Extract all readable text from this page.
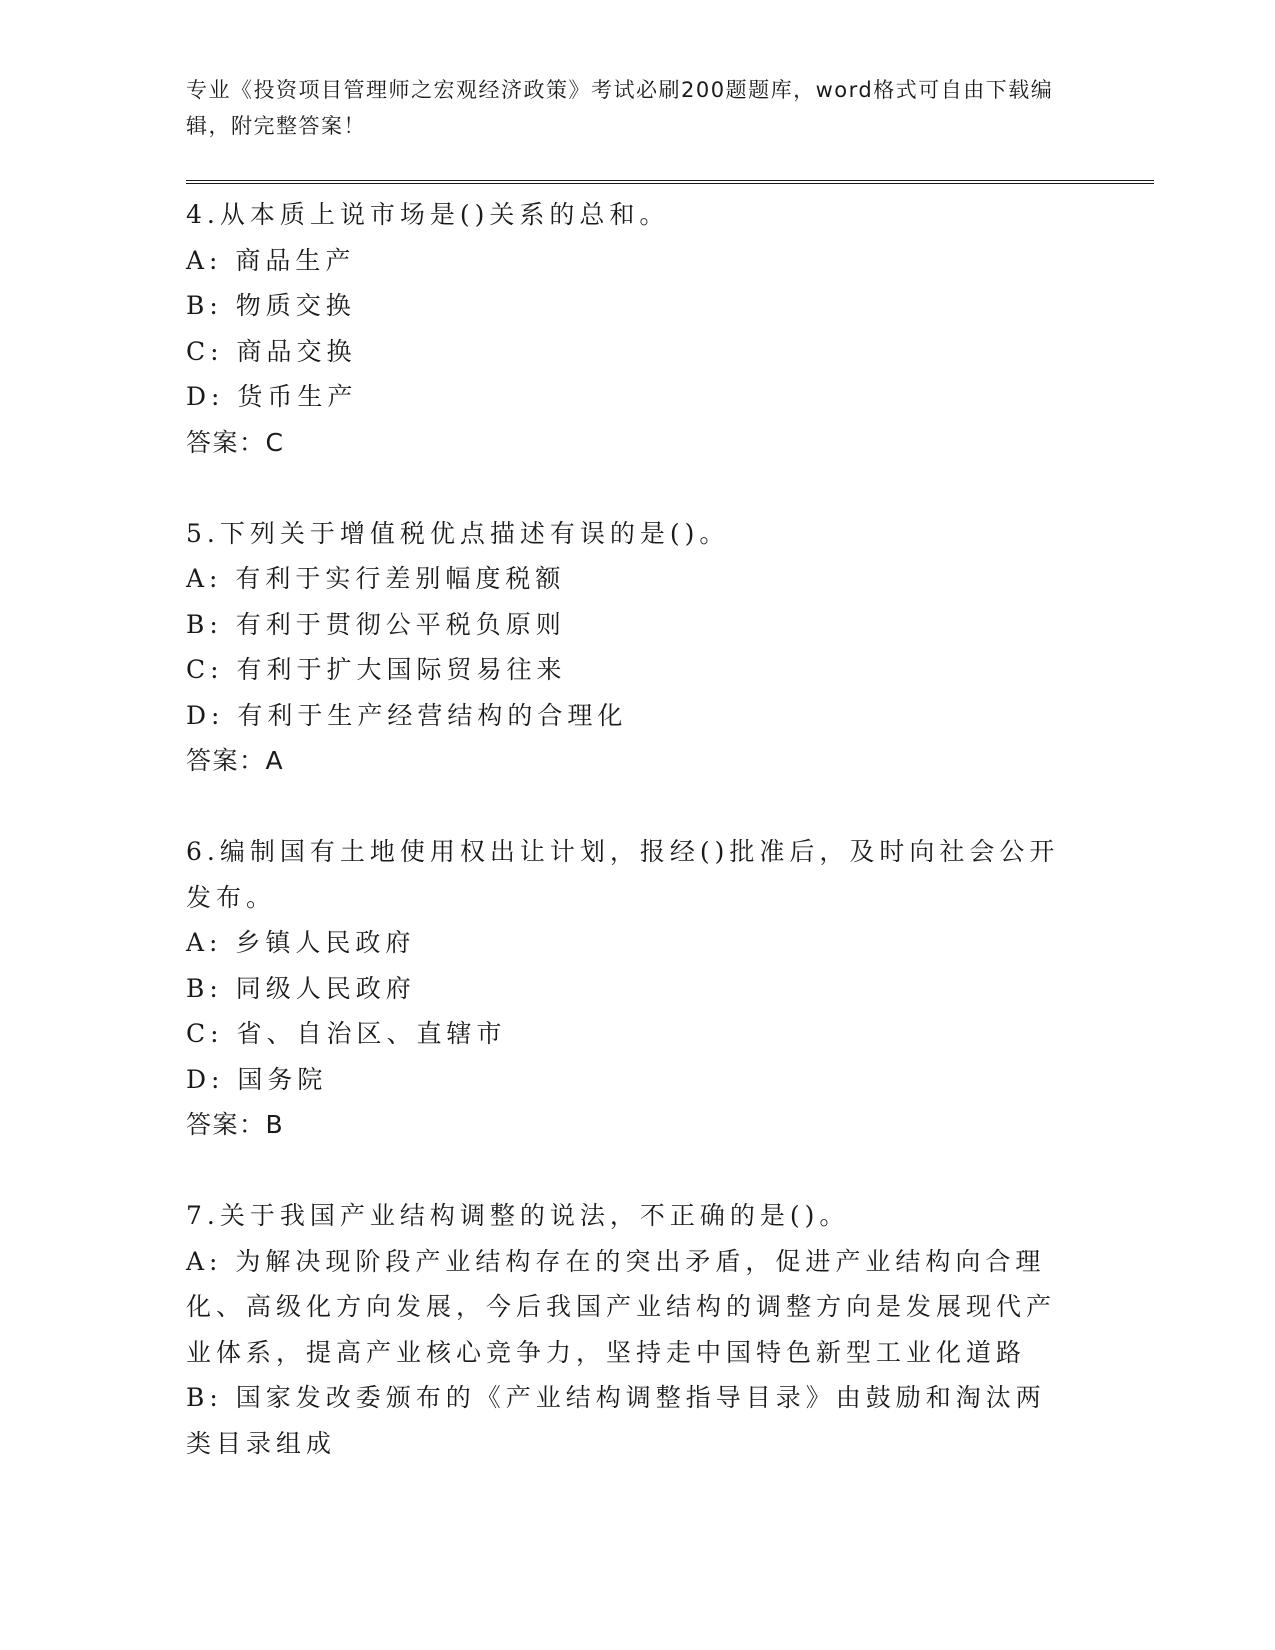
专业《投资项目管理师之宏观经济政策》考试必刷200题题库，word格式可自由下载编辑，附完整答案！
4.从本质上说市场是()关系的总和。
A: 商品生产
B: 物质交换
C: 商品交换
D: 货币生产
答案：C
5.下列关于增值税优点描述有误的是()。
A: 有利于实行差别幅度税额
B: 有利于贯彻公平税负原则
C: 有利于扩大国际贸易往来
D: 有利于生产经营结构的合理化
答案：A
6.编制国有土地使用权出让计划，报经()批准后，及时向社会公开发布。
A: 乡镇人民政府
B: 同级人民政府
C: 省、自治区、直辖市
D: 国务院
答案：B
7.关于我国产业结构调整的说法，不正确的是()。
A: 为解决现阶段产业结构存在的突出矛盾，促进产业结构向合理化、高级化方向发展，今后我国产业结构的调整方向是发展现代产业体系，提高产业核心竞争力，坚持走中国特色新型工业化道路
B: 国家发改委颁布的《产业结构调整指导目录》由鼓励和淘汰两类目录组成
